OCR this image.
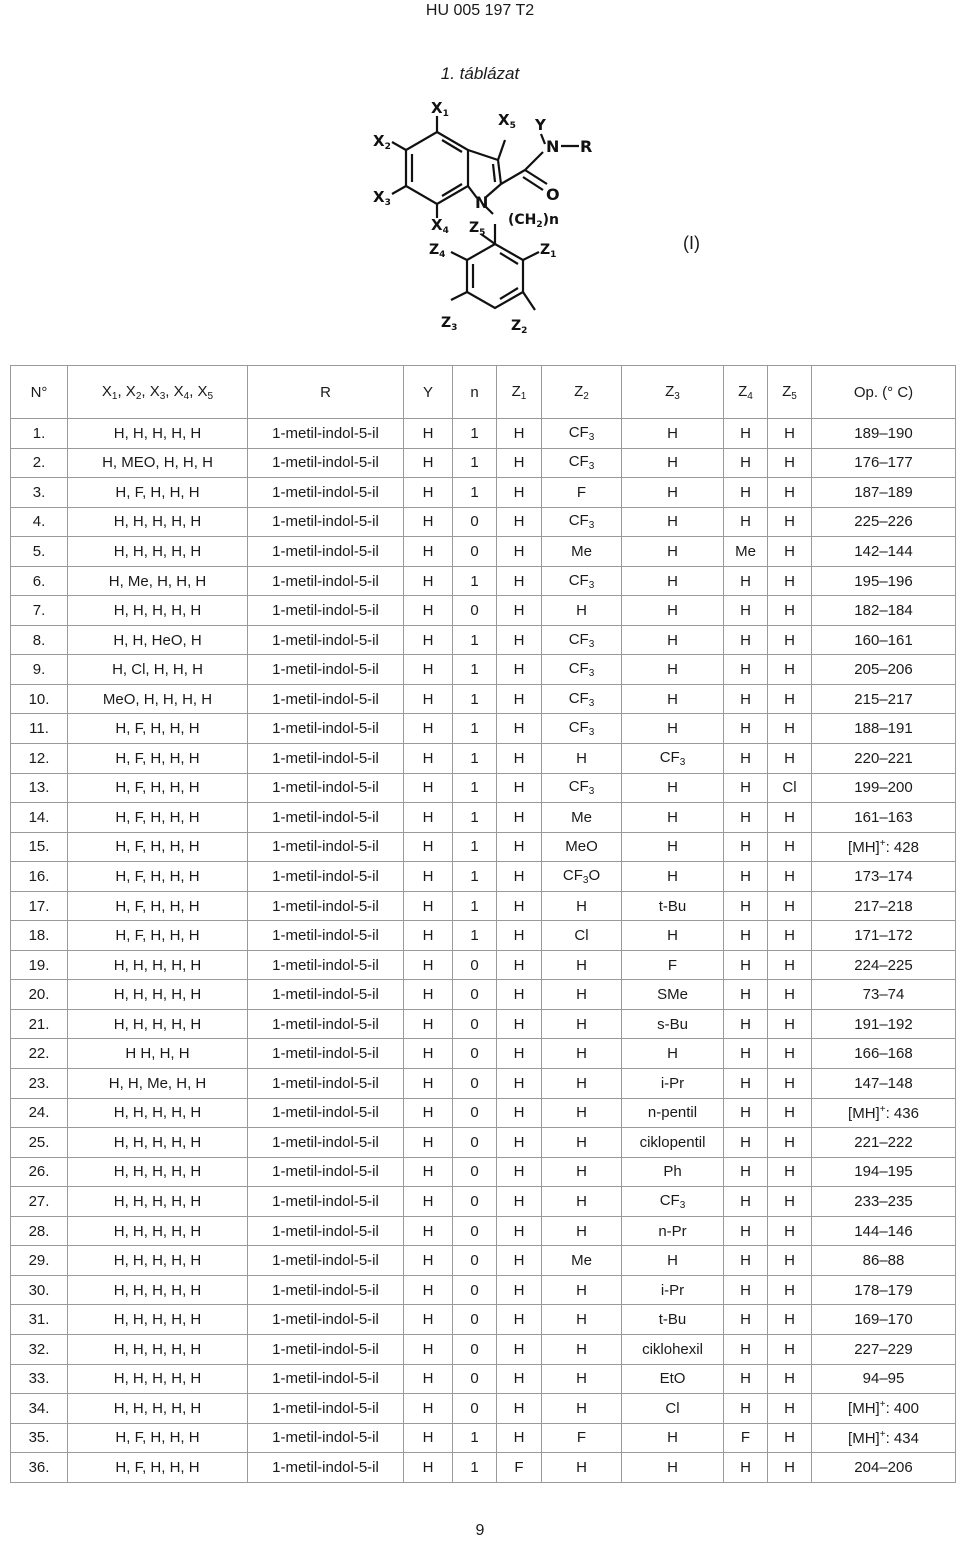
HU 005 197 T2
1. táblázat
$X_1$
$X_2$
$X_3$
$X_4$
$X_5$ Y
N R
O
N
$(CH_2)n$
$Z_5$
$Z_1$
$Z_4$
$Z_3$	$Z_2$
(I)
N°	$X_1$, $X_2$, $X_3$, $X_4$, $X_5$	R	Y	n	$Z_1$	$Z_2$	$Z_3$	$Z_4$	$Z_5$	Op. (° C)
1.	H, H, H, H, H	1-metil-indol-5-il	H	1	H	$CF_3$	H	H	H	189–190
2.	H, MEO, H, H, H	1-metil-indol-5-il	H	1	H	$CF_3$	H	H	H	176–177
3.	H, F, H, H, H	1-metil-indol-5-il	H	1	H	F	H	H	H	187–189
4.	H, H, H, H, H	1-metil-indol-5-il	H	0	H	$CF_3$	H	H	H	225–226
5.	H, H, H, H, H	1-metil-indol-5-il	H	0	H	Me	H	Me	H	142–144
6.	H, Me, H, H, H	1-metil-indol-5-il	H	1	H	$CF_3$	H	H	H	195–196
7.	H, H, H, H, H	1-metil-indol-5-il	H	0	H	H	H	H	H	182–184
8.	H, H, HeO, H	1-metil-indol-5-il	H	1	H	$CF_3$	H	H	H	160–161
9.	H, Cl, H, H, H	1-metil-indol-5-il	H	1	H	$CF_3$	H	H	H	205–206
10.	MeO, H, H, H, H	1-metil-indol-5-il	H	1	H	$CF_3$	H	H	H	215–217
11.	H, F, H, H, H	1-metil-indol-5-il	H	1	H	$CF_3$	H	H	H	188–191
12.	H, F, H, H, H	1-metil-indol-5-il	H	1	H	H	$CF_3$	H	H	220–221
13.	H, F, H, H, H	1-metil-indol-5-il	H	1	H	$CF_3$	H	H	Cl	199–200
14.	H, F, H, H, H	1-metil-indol-5-il	H	1	H	Me	H	H	H	161–163
15.	H, F, H, H, H	1-metil-indol-5-il	H	1	H	MeO	H	H	H	[MH]+: 428
16.	H, F, H, H, H	1-metil-indol-5-il	H	1	H	$CF_3O$	H	H	H	173–174
17.	H, F, H, H, H	1-metil-indol-5-il	H	1	H	H	t-Bu	H	H	217–218
18.	H, F, H, H, H	1-metil-indol-5-il	H	1	H	Cl	H	H	H	171–172
19.	H, H, H, H, H	1-metil-indol-5-il	H	0	H	H	F	H	H	224–225
20.	H, H, H, H, H	1-metil-indol-5-il	H	0	H	H	SMe	H	H	73–74
21.	H, H, H, H, H	1-metil-indol-5-il	H	0	H	H	s-Bu	H	H	191–192
22.	H H, H, H	1-metil-indol-5-il	H	0	H	H	H	H	H	166–168
23.	H, H, Me, H, H	1-metil-indol-5-il	H	0	H	H	i-Pr	H	H	147–148
24.	H, H, H, H, H	1-metil-indol-5-il	H	0	H	H	n-pentil	H	H	[MH]+: 436
25.	H, H, H, H, H	1-metil-indol-5-il	H	0	H	H	ciklopentil	H	H	221–222
26.	H, H, H, H, H	1-metil-indol-5-il	H	0	H	H	Ph	H	H	194–195
27.	H, H, H, H, H	1-metil-indol-5-il	H	0	H	H	$CF_3$	H	H	233–235
28.	H, H, H, H, H	1-metil-indol-5-il	H	0	H	H	n-Pr	H	H	144–146
29.	H, H, H, H, H	1-metil-indol-5-il	H	0	H	Me	H	H	H	86–88
30.	H, H, H, H, H	1-metil-indol-5-il	H	0	H	H	i-Pr	H	H	178–179
31.	H, H, H, H, H	1-metil-indol-5-il	H	0	H	H	t-Bu	H	H	169–170
32.	H, H, H, H, H	1-metil-indol-5-il	H	0	H	H	ciklohexil	H	H	227–229
33.	H, H, H, H, H	1-metil-indol-5-il	H	0	H	H	EtO	H	H	94–95
34.	H, H, H, H, H	1-metil-indol-5-il	H	0	H	H	Cl	H	H	[MH]+: 400
35.	H, F, H, H, H	1-metil-indol-5-il	H	1	H	F	H	F	H	[MH]+: 434
36.	H, F, H, H, H	1-metil-indol-5-il	H	1	F	H	H	H	H	204–206
9
